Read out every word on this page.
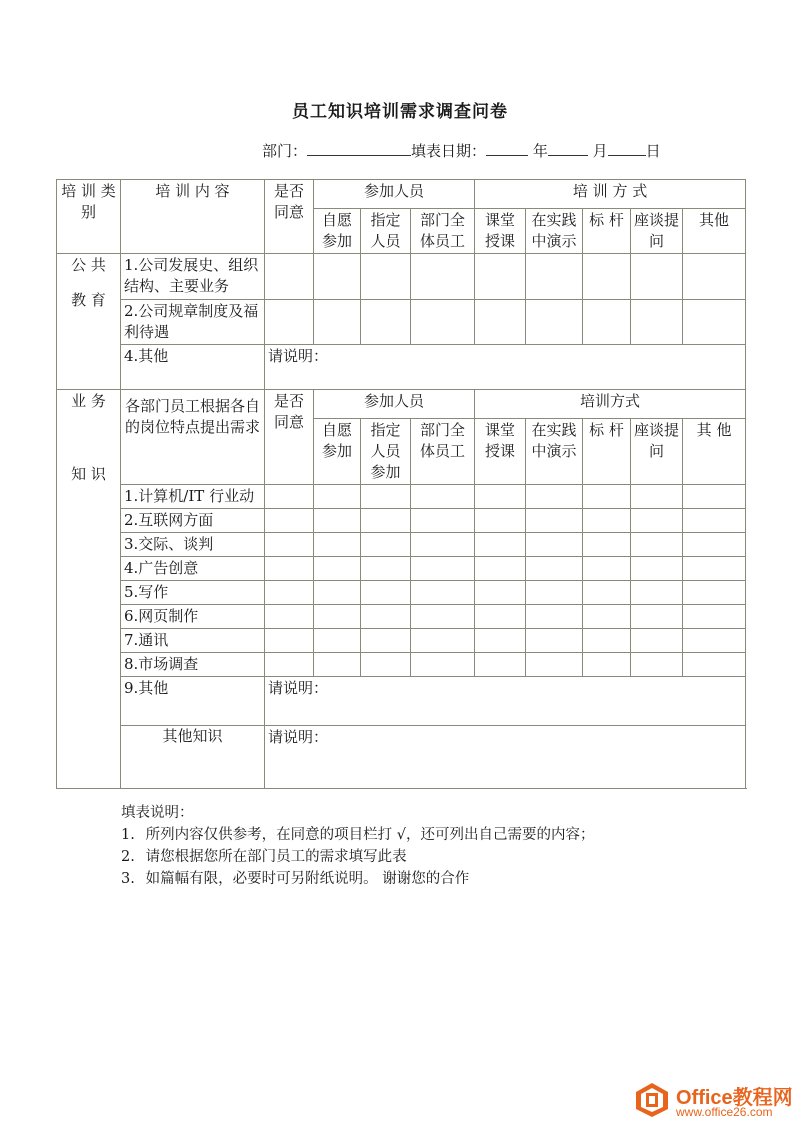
员工知识培训需求调查问卷
部门：	填表日期：	年	月	日
培 训 类 别	培 训 内 容	是否同意	参加人员			培 训 方 式				
			自愿参加	指定人员	部门全体员工	课堂授课	在实践中演示	标 杆	座谈提问	其他

公 共
教 育	1.公司发展史、组织结构、主要业务									
	2.公司规章制度及福利待遇									
	4.其他	请说明：								

业 务
知 识	各部门员工根据各自的岗位特点提出需求	是否同意	参加人员			培训方式				
			自愿参加	指定人员参加	部门全体员工	课堂授课	在实践中演示	标 杆	座谈提问	其 他
	1.计算机/IT 行业动									
	2.互联网方面									
	3.交际、谈判									
	4.广告创意									
	5.写作									
	6.网页制作									
	7.通讯									
	8.市场调查									
	9.其他	请说明：								
	其他知识	请说明：								
填表说明：
1. 所列内容仅供参考，在同意的项目栏打 √，还可列出自己需要的内容；
2. 请您根据您所在部门员工的需求填写此表
3. 如篇幅有限，必要时可另附纸说明。 谢谢您的合作
Office教程网
www.office26.com
